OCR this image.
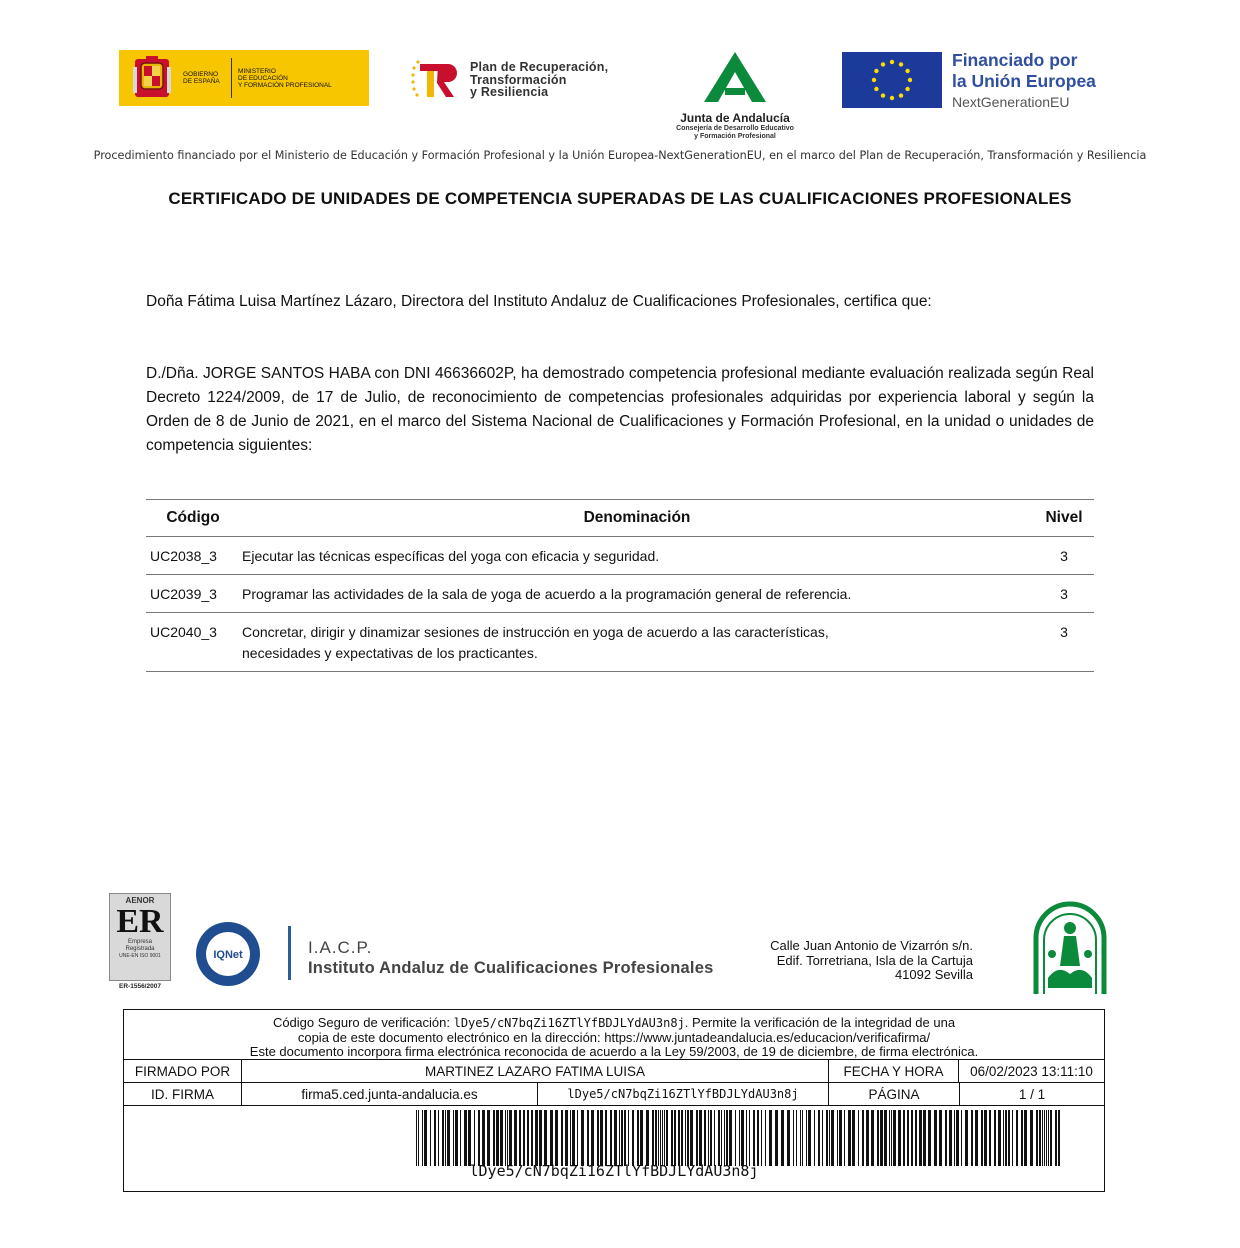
GOBIERNO
DE ESPAÑA
MINISTERIO
DE EDUCACIÓN
Y FORMACIÓN PROFESIONAL
Plan de Recuperación,
Transformación
y Resiliencia
Junta de Andalucía
Consejería de Desarrollo Educativo
y Formación Profesional
Financiado por
la Unión Europea
NextGenerationEU
Procedimiento financiado por el Ministerio de Educación y Formación Profesional y la Unión Europea-NextGenerationEU, en el marco del Plan de Recuperación, Transformación y Resiliencia
CERTIFICADO DE UNIDADES DE COMPETENCIA SUPERADAS DE LAS CUALIFICACIONES PROFESIONALES
Doña Fátima Luisa Martínez Lázaro, Directora del Instituto Andaluz de Cualificaciones Profesionales, certifica que:
D./Dña. JORGE SANTOS HABA con DNI 46636602P, ha demostrado competencia profesional mediante evaluación realizada según Real Decreto 1224/2009, de 17 de Julio, de reconocimiento de competencias profesionales adquiridas por experiencia laboral y según la Orden de 8 de Junio de 2021, en el marco del Sistema Nacional de Cualificaciones y Formación Profesional, en la unidad o unidades de competencia siguientes:
Código	Denominación	Nivel
UC2038_3	Ejecutar las técnicas específicas del yoga con eficacia y seguridad.	3
UC2039_3	Programar las actividades de la sala de yoga de acuerdo a la programación general de referencia.	3
UC2040_3	Concretar, dirigir y dinamizar sesiones de instrucción en yoga de acuerdo a las características, necesidades y expectativas de los practicantes.	3
AENOR
ER
Empresa
Registrada
UNE-EN ISO 9001
ER-1556/2007
IQNet	I.A.C.P.
Instituto Andaluz de Cualificaciones Profesionales
Calle Juan Antonio de Vizarrón s/n.
Edif. Torretriana, Isla de la Cartuja
41092 Sevilla
Código Seguro de verificación: lDye5/cN7bqZi16ZTlYfBDJLYdAU3n8j. Permite la verificación de la integridad de una
copia de este documento electrónico en la dirección: https://www.juntadeandalucia.es/educacion/verificafirma/
Este documento incorpora firma electrónica reconocida de acuerdo a la Ley 59/2003, de 19 de diciembre, de firma electrónica.
FIRMADO POR	MARTINEZ LAZARO FATIMA LUISA	FECHA Y HORA	06/02/2023 13:11:10
ID. FIRMA	firma5.ced.junta-andalucia.es	lDye5/cN7bqZi16ZTlYfBDJLYdAU3n8j	PÁGINA	1 / 1
lDye5/cN7bqZi16ZTlYfBDJLYdAU3n8j
